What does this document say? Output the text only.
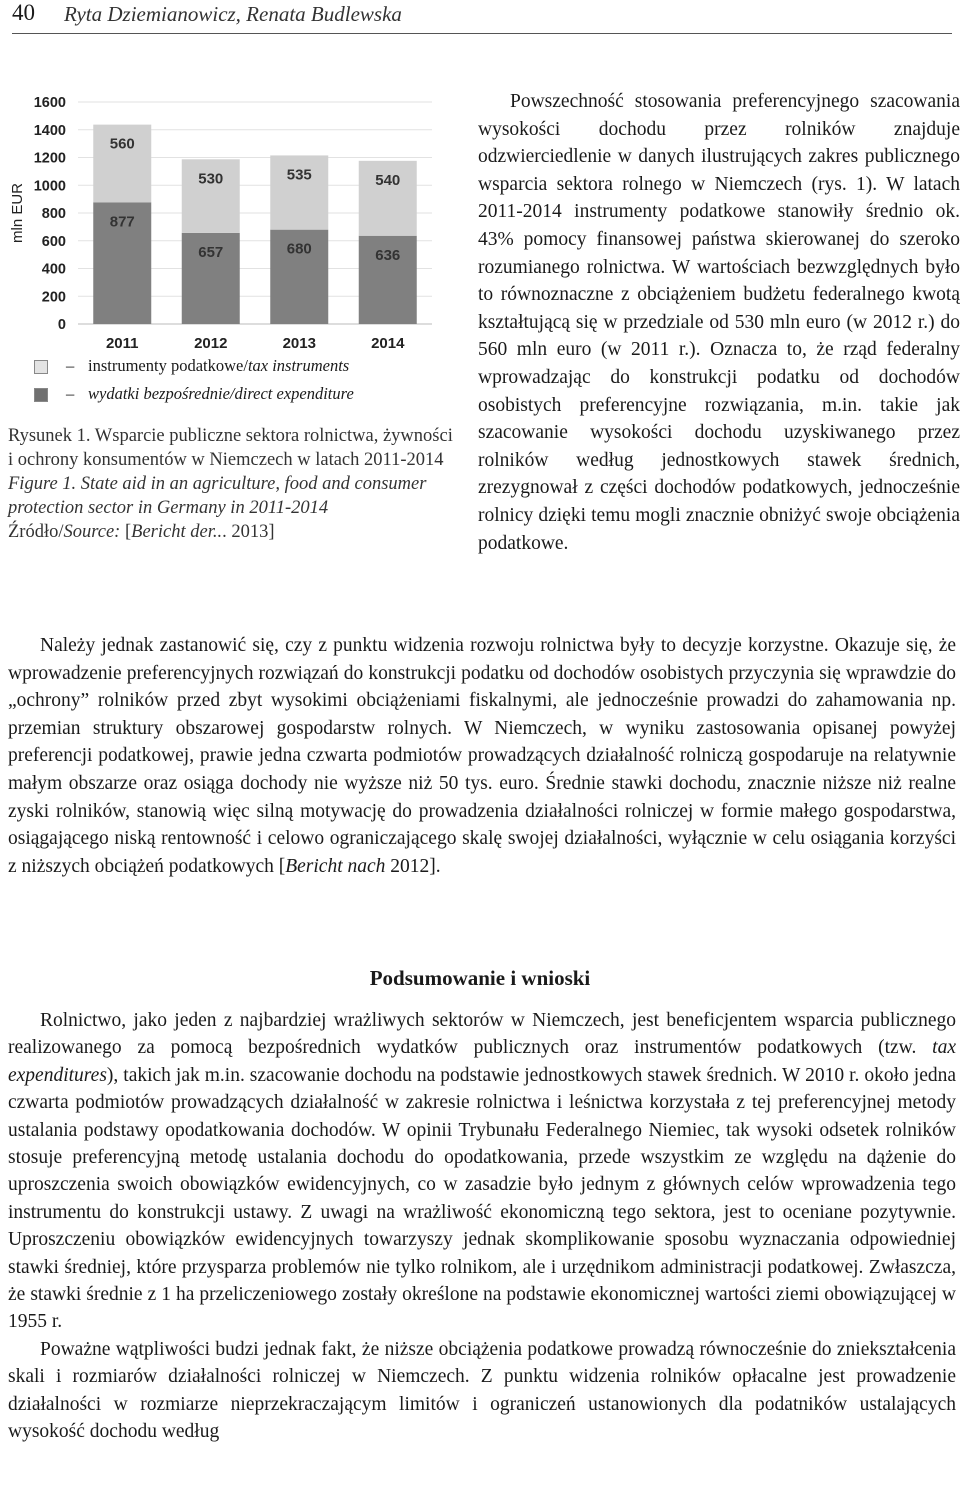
40 Ryta Dziemianowicz, Renata Budlewska
mln EUR
0
200
400
600
800
1000
1200
1400
1600
877
560
657
530
680
535
636
540
2011	2012	2013	2014
– instrumenty podatkowe/tax instruments
– wydatki bezpośrednie/direct expenditure

Rysunek 1. Wsparcie publiczne sektora rolnictwa, żywności i ochrony konsumentów w Niemczech w latach 2011-2014

Figure 1. State aid in an agriculture, food and consumer protection sector in Germany in 2011-2014

Źródło/Source: [Bericht der... 2013]

Powszechność stosowania preferencyjnego szacowania wysokości dochodu przez rolników znajduje odzwierciedlenie w danych ilustrujących zakres publicznego wsparcia sektora rolnego w Niemczech (rys. 1). W latach 2011-2014 instrumenty podatkowe stanowiły średnio ok. 43% pomocy finansowej państwa skierowanej do szeroko rozumianego rolnictwa. W wartościach bezwzględnych było to równoznaczne z obciążeniem budżetu federalnego kwotą kształtującą się w przedziale od 530 mln euro (w 2012 r.) do 560 mln euro (w 2011 r.). Oznacza to, że rząd federalny wprowadzając do konstrukcji podatku od dochodów osobistych preferencyjne rozwiązania, m.in. takie jak szacowanie wysokości dochodu uzyskiwanego przez rolników według jednostkowych stawek średnich, zrezygnował z części dochodów podatkowych, jednocześnie rolnicy dzięki temu mogli znacznie obniżyć swoje obciążenia podatkowe.

Należy jednak zastanowić się, czy z punktu widzenia rozwoju rolnictwa były to decyzje korzystne. Okazuje się, że wprowadzenie preferencyjnych rozwiązań do konstrukcji podatku od dochodów osobistych przyczynia się wprawdzie do „ochrony” rolników przed zbyt wysokimi obciążeniami fiskalnymi, ale jednocześnie prowadzi do zahamowania np. przemian struktury obszarowej gospodarstw rolnych. W Niemczech, w wyniku zastosowania opisanej powyżej preferencji podatkowej, prawie jedna czwarta podmiotów prowadzących działalność rolniczą gospodaruje na relatywnie małym obszarze oraz osiąga dochody nie wyższe niż 50 tys. euro. Średnie stawki dochodu, znacznie niższe niż realne zyski rolników, stanowią więc silną motywację do prowadzenia działalności rolniczej w formie małego gospodarstwa, osiągającego niską rentowność i celowo ograniczającego skalę swojej działalności, wyłącznie w celu osiągania korzyści z niższych obciążeń podatkowych [Bericht nach 2012].

Podsumowanie i wnioski

Rolnictwo, jako jeden z najbardziej wrażliwych sektorów w Niemczech, jest beneficjentem wsparcia publicznego realizowanego za pomocą bezpośrednich wydatków publicznych oraz instrumentów podatkowych (tzw. tax expenditures), takich jak m.in. szacowanie dochodu na podstawie jednostkowych stawek średnich. W 2010 r. około jedna czwarta podmiotów prowadzących działalność w zakresie rolnictwa i leśnictwa korzystała z tej preferencyjnej metody ustalania podstawy opodatkowania dochodów. W opinii Trybunału Federalnego Niemiec, tak wysoki odsetek rolników stosuje preferencyjną metodę ustalania dochodu do opodatkowania, przede wszystkim ze względu na dążenie do uproszczenia swoich obowiązków ewidencyjnych, co w zasadzie było jednym z głównych celów wprowadzenia tego instrumentu do konstrukcji ustawy. Z uwagi na wrażliwość ekonomiczną tego sektora, jest to oceniane pozytywnie. Uproszczeniu obowiązków ewidencyjnych towarzyszy jednak skomplikowanie sposobu wyznaczania odpowiedniej stawki średniej, które przysparza problemów nie tylko rolnikom, ale i urzędnikom administracji podatkowej. Zwłaszcza, że stawki średnie z 1 ha przeliczeniowego zostały określone na podstawie ekonomicznej wartości ziemi obowiązującej w 1955 r.

Poważne wątpliwości budzi jednak fakt, że niższe obciążenia podatkowe prowadzą równocześnie do zniekształcenia skali i rozmiarów działalności rolniczej w Niemczech. Z punktu widzenia rolników opłacalne jest prowadzenie działalności w rozmiarze nieprzekraczającym limitów i ograniczeń ustanowionych dla podatników ustalających wysokość dochodu według
